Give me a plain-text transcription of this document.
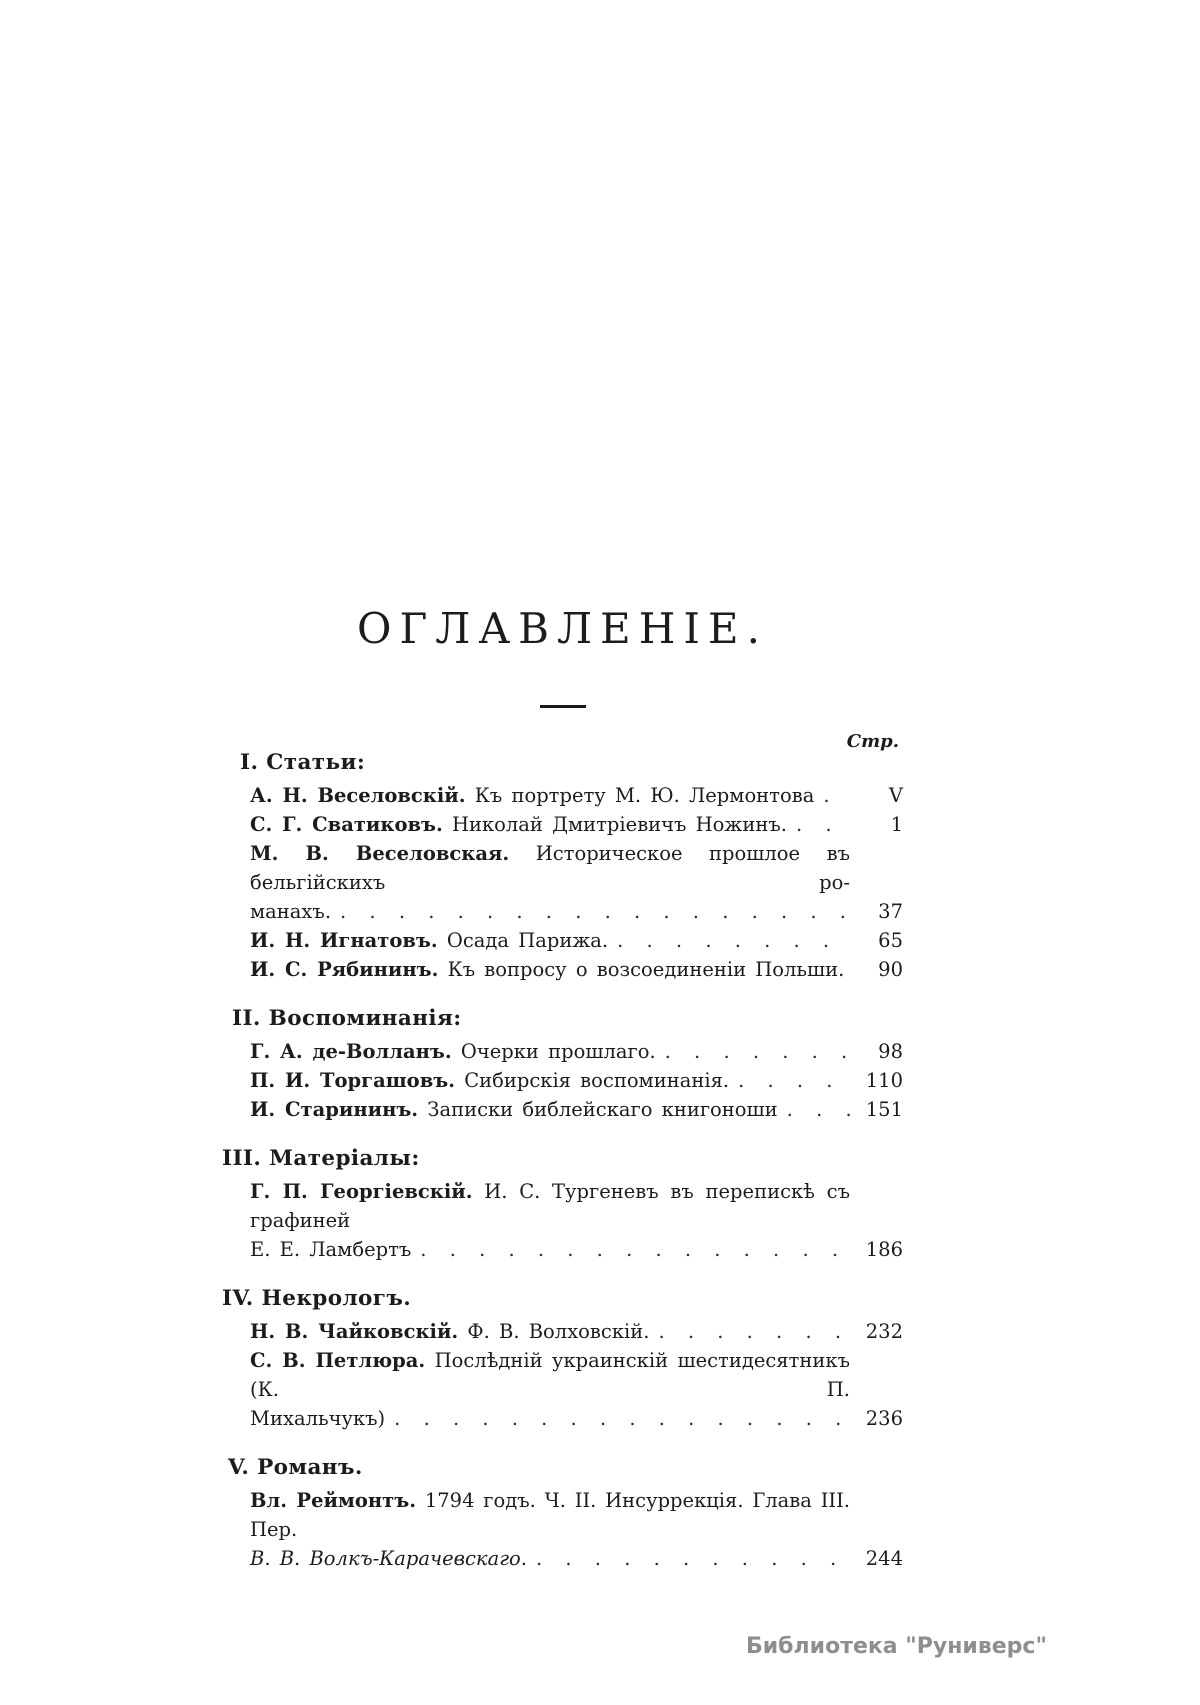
ОГЛАВЛЕНІЕ.
Стр.
I. Статьи:
А. Н. Веселовскій.
Къ портрету М. Ю. Лермонтова . . .	V
С. Г. Сватиковъ.
Николай Дмитріевичъ Ножинъ. . . .	1
М. В. Веселовская. Историческое прошлое въ бельгійскихъ ро-
манахъ. . . .	37
И. Н. Игнатовъ.
Осада Парижа. . . .	65
И. С. Рябининъ.
Къ вопросу о возсоединеніи Польши. . . .	90
II. Воспоминанія:
Г. А. де-Волланъ.
Очерки прошлаго. . . .	98
П. И. Торгашовъ.
Сибирскія воспоминанія. . . .	110
И. Старининъ.
Записки библейскаго книгоноши . . .	151
III. Матеріалы:
Г. П. Георгіевскій. И. С. Тургеневъ въ перепискѣ съ графиней
Е. Е. Ламбертъ . . .	186
IV. Некрологъ.
Н. В. Чайковскій.
Ф. В. Волховскій. . . .	232
С. В. Петлюра. Послѣдній украинскій шестидесятникъ (К. П.
Михальчукъ) . . .	236
V. Романъ.
Вл. Реймонтъ. 1794 годъ. Ч. II. Инсуррекція. Глава III. Пер.
В. В. Волкъ-Карачевскаго. . . .	244
Библиотека "Руниверс"
